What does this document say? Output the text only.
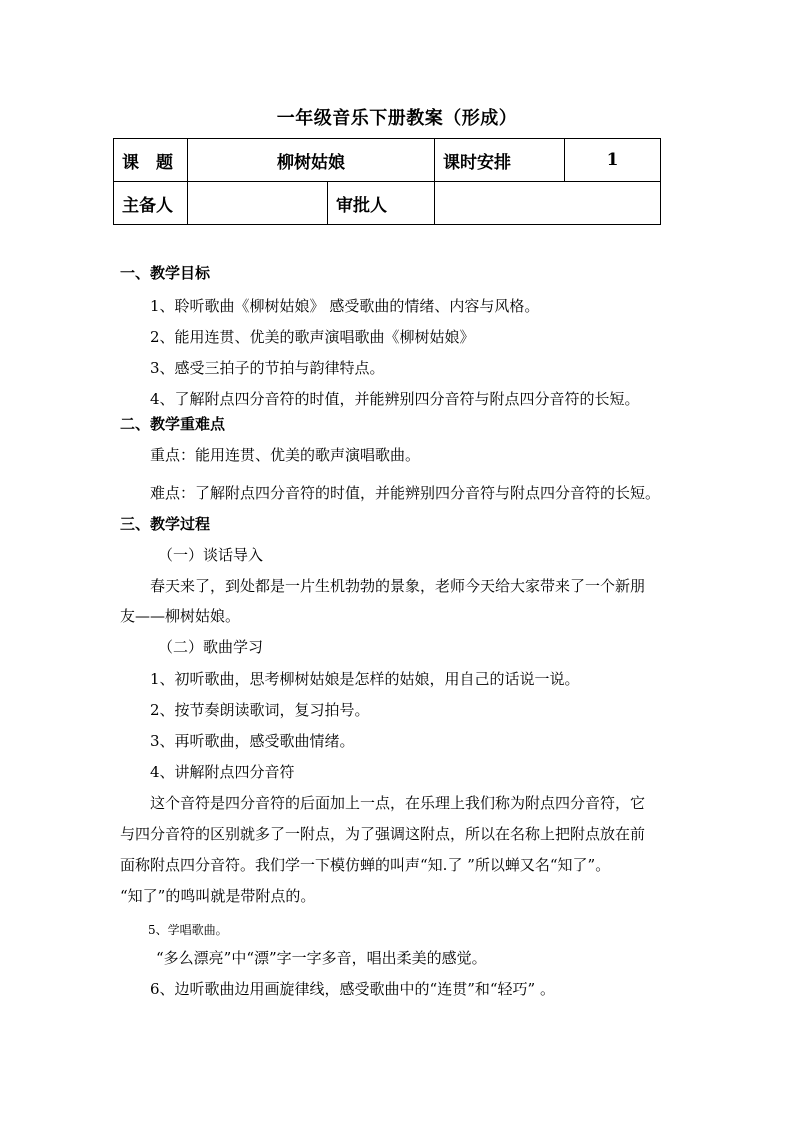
一年级音乐下册教案（形成）
课　题	柳树姑娘		课时安排	1
主备人		审批人		
一、教学目标
1、聆听歌曲《柳树姑娘》 感受歌曲的情绪、内容与风格。
2、能用连贯、优美的歌声演唱歌曲《柳树姑娘》
3、感受三拍子的节拍与韵律特点。
4、了解附点四分音符的时值，并能辨别四分音符与附点四分音符的长短。
二、教学重难点
重点：能用连贯、优美的歌声演唱歌曲。
难点：了解附点四分音符的时值，并能辨别四分音符与附点四分音符的长短。
三、教学过程
（一）谈话导入
春天来了，到处都是一片生机勃勃的景象，老师今天给大家带来了一个新朋
友——柳树姑娘。
（二）歌曲学习
1、初听歌曲，思考柳树姑娘是怎样的姑娘，用自己的话说一说。
2、按节奏朗读歌词，复习拍号。
3、再听歌曲，感受歌曲情绪。
4、讲解附点四分音符
这个音符是四分音符的后面加上一点，在乐理上我们称为附点四分音符，它
与四分音符的区别就多了一附点，为了强调这附点，所以在名称上把附点放在前
面称附点四分音符。我们学一下模仿蝉的叫声“知.了 ”所以蝉又名“知了”。
“知了”的鸣叫就是带附点的。
5、学唱歌曲。
“多么漂亮”中“漂”字一字多音，唱出柔美的感觉。
6、边听歌曲边用画旋律线，感受歌曲中的“连贯”和“轻巧” 。
